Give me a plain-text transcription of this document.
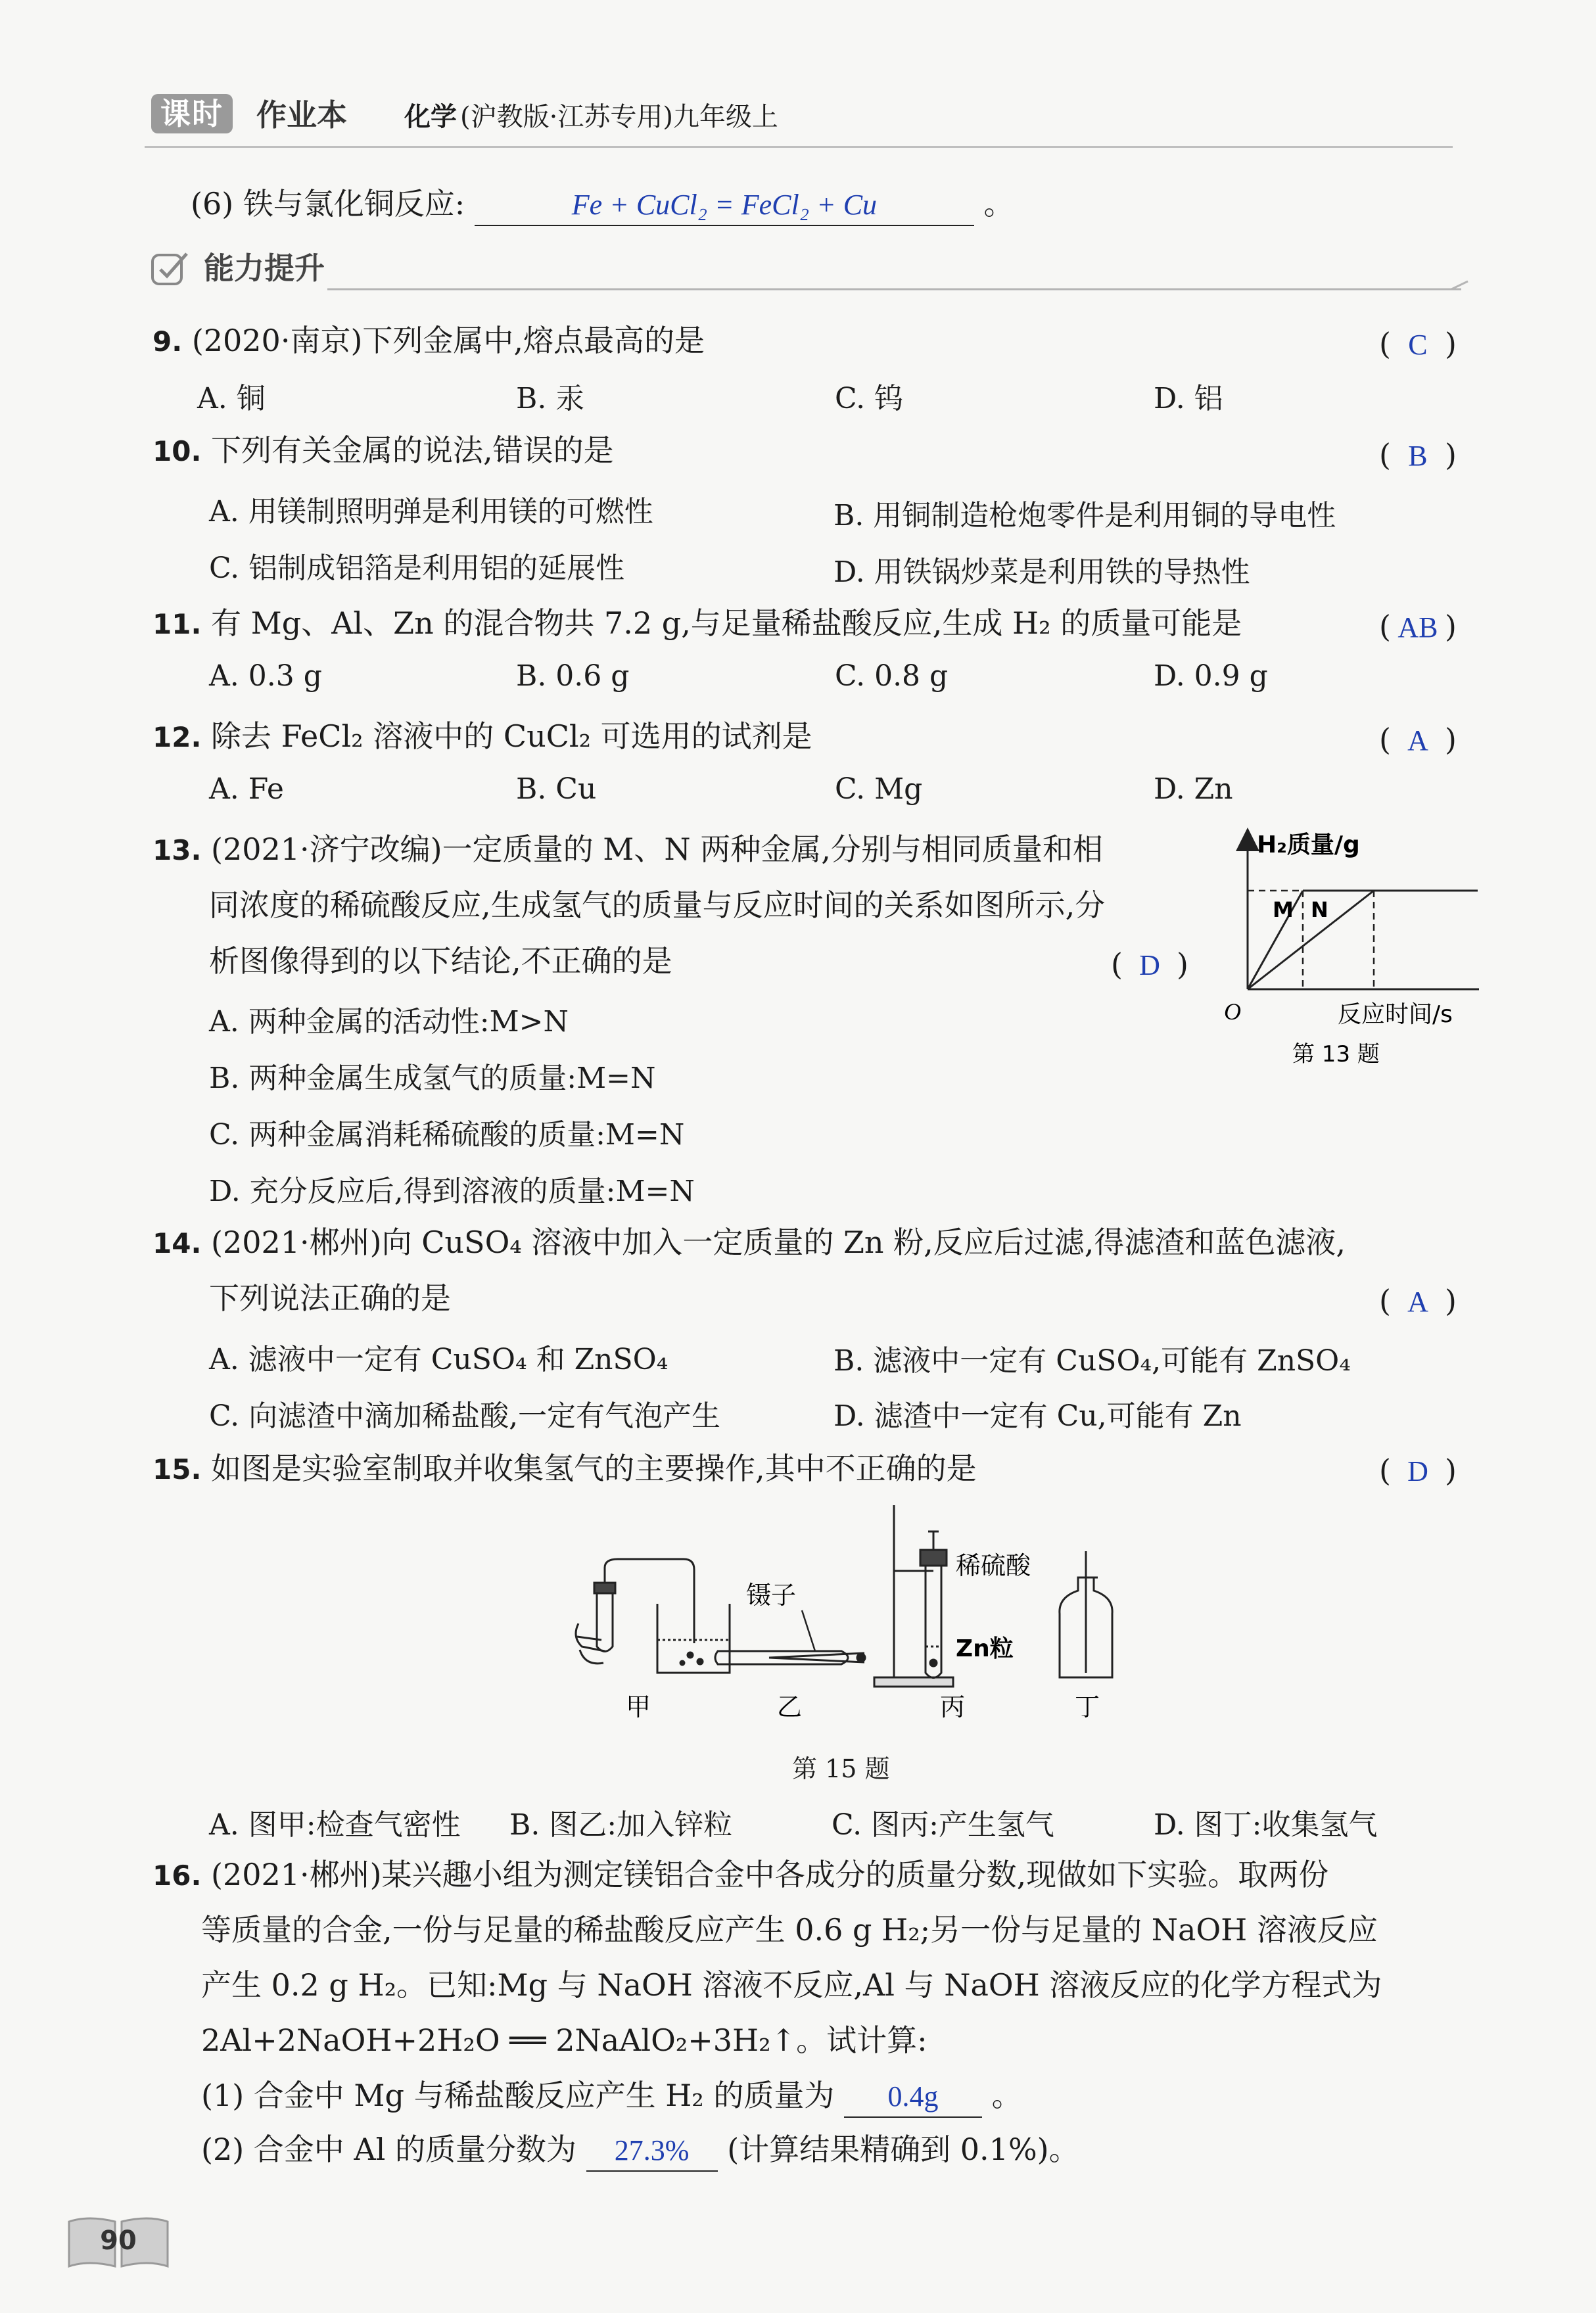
课时	作业本 化学 (沪教版·江苏专用)九年级上
(6) 铁与氯化铜反应:	Fe + CuCl₂ = FeCl₂ + Cu	。
能力提升
9. (2020·南京)下列金属中,熔点最高的是	( C )
A. 铜	B. 汞	C. 钨	D. 铝
10. 下列有关金属的说法,错误的是	( B )
A. 用镁制照明弹是利用镁的可燃性	B. 用铜制造枪炮零件是利用铜的导电性
C. 铝制成铝箔是利用铝的延展性	D. 用铁锅炒菜是利用铁的导热性
11. 有 Mg、Al、Zn 的混合物共 7.2 g,与足量稀盐酸反应,生成 H₂ 的质量可能是	( AB )
A. 0.3 g	B. 0.6 g	C. 0.8 g	D. 0.9 g
12. 除去 FeCl₂ 溶液中的 CuCl₂ 可选用的试剂是	( A )
A. Fe	B. Cu	C. Mg	D. Zn
13. (2021·济宁改编)一定质量的 M、N 两种金属,分别与相同质量和相
同浓度的稀硫酸反应,生成氢气的质量与反应时间的关系如图所示,分
析图像得到的以下结论,不正确的是	( D )
A. 两种金属的活动性:M>N
B. 两种金属生成氢气的质量:M=N
C. 两种金属消耗稀硫酸的质量:M=N
D. 充分反应后,得到溶液的质量:M=N
H₂质量/g
M N
O	反应时间/s
第 13 题
14. (2021·郴州)向 CuSO₄ 溶液中加入一定质量的 Zn 粉,反应后过滤,得滤渣和蓝色滤液,
下列说法正确的是	( A )
A. 滤液中一定有 CuSO₄ 和 ZnSO₄	B. 滤液中一定有 CuSO₄,可能有 ZnSO₄
C. 向滤渣中滴加稀盐酸,一定有气泡产生	D. 滤渣中一定有 Cu,可能有 Zn
15. 如图是实验室制取并收集氢气的主要操作,其中不正确的是	( D )
甲
镊子
乙
稀硫酸
Zn粒
丙	丁
第 15 题
A. 图甲:检查气密性 B. 图乙:加入锌粒	C. 图丙:产生氢气	D. 图丁:收集氢气
16. (2021·郴州)某兴趣小组为测定镁铝合金中各成分的质量分数,现做如下实验。取两份
等质量的合金,一份与足量的稀盐酸反应产生 0.6 g H₂;另一份与足量的 NaOH 溶液反应
产生 0.2 g H₂。已知:Mg 与 NaOH 溶液不反应,Al 与 NaOH 溶液反应的化学方程式为
2Al+2NaOH+2H₂O ══ 2NaAlO₂+3H₂↑。试计算:
(1) 合金中 Mg 与稀盐酸反应产生 H₂ 的质量为 0.4g 。
(2) 合金中 Al 的质量分数为 27.3% (计算结果精确到 0.1%)。
90
